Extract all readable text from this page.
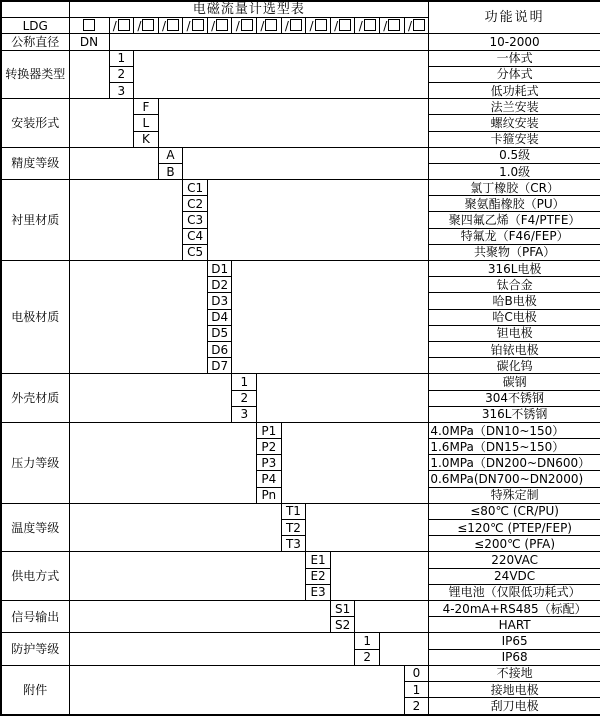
	电磁流量计选型表														功能说明
LDG		/	/	/	/	/	/	/	/	/	/	/	/	/	
公称直径	DN														10-2000
转换器类型		1													一体式
		2													分体式
		3													低功耗式
安装形式			F												法兰安装
			L												螺纹安装
			K												卡箍安装
精度等级				A											0.5级
				B											1.0级
衬里材质					C1										氯丁橡胶（CR）
					C2										聚氨酯橡胶（PU）
					C3										聚四氟乙烯（F4/PTFE）
					C4										特氟龙（F46/FEP）
					C5										共聚物（PFA）
电极材质						D1									316L电极
						D2									钛合金
						D3									哈B电极
						D4									哈C电极
						D5									钽电极
						D6									铂铱电极
						D7									碳化钨
外壳材质							1								碳钢
							2								304不锈钢
							3								316L不锈钢
压力等级								P1							4.0MPa（DN10~150）
								P2							1.6MPa（DN15~150）
								P3							1.0MPa（DN200~DN600）
								P4							0.6MPa(DN700~DN2000)
								Pn							特殊定制
温度等级									T1						≤80℃ (CR/PU)
									T2						≤120℃ (PTEP/FEP)
									T3						≤200℃ (PFA)
供电方式										E1					220VAC
										E2					24VDC
										E3					锂电池（仅限低功耗式）
信号输出											S1				4-20mA+RS485（标配）
											S2				HART
防护等级												1			IP65
												2			IP68
附件														0	不接地
														1	接地电极
														2	刮刀电极
